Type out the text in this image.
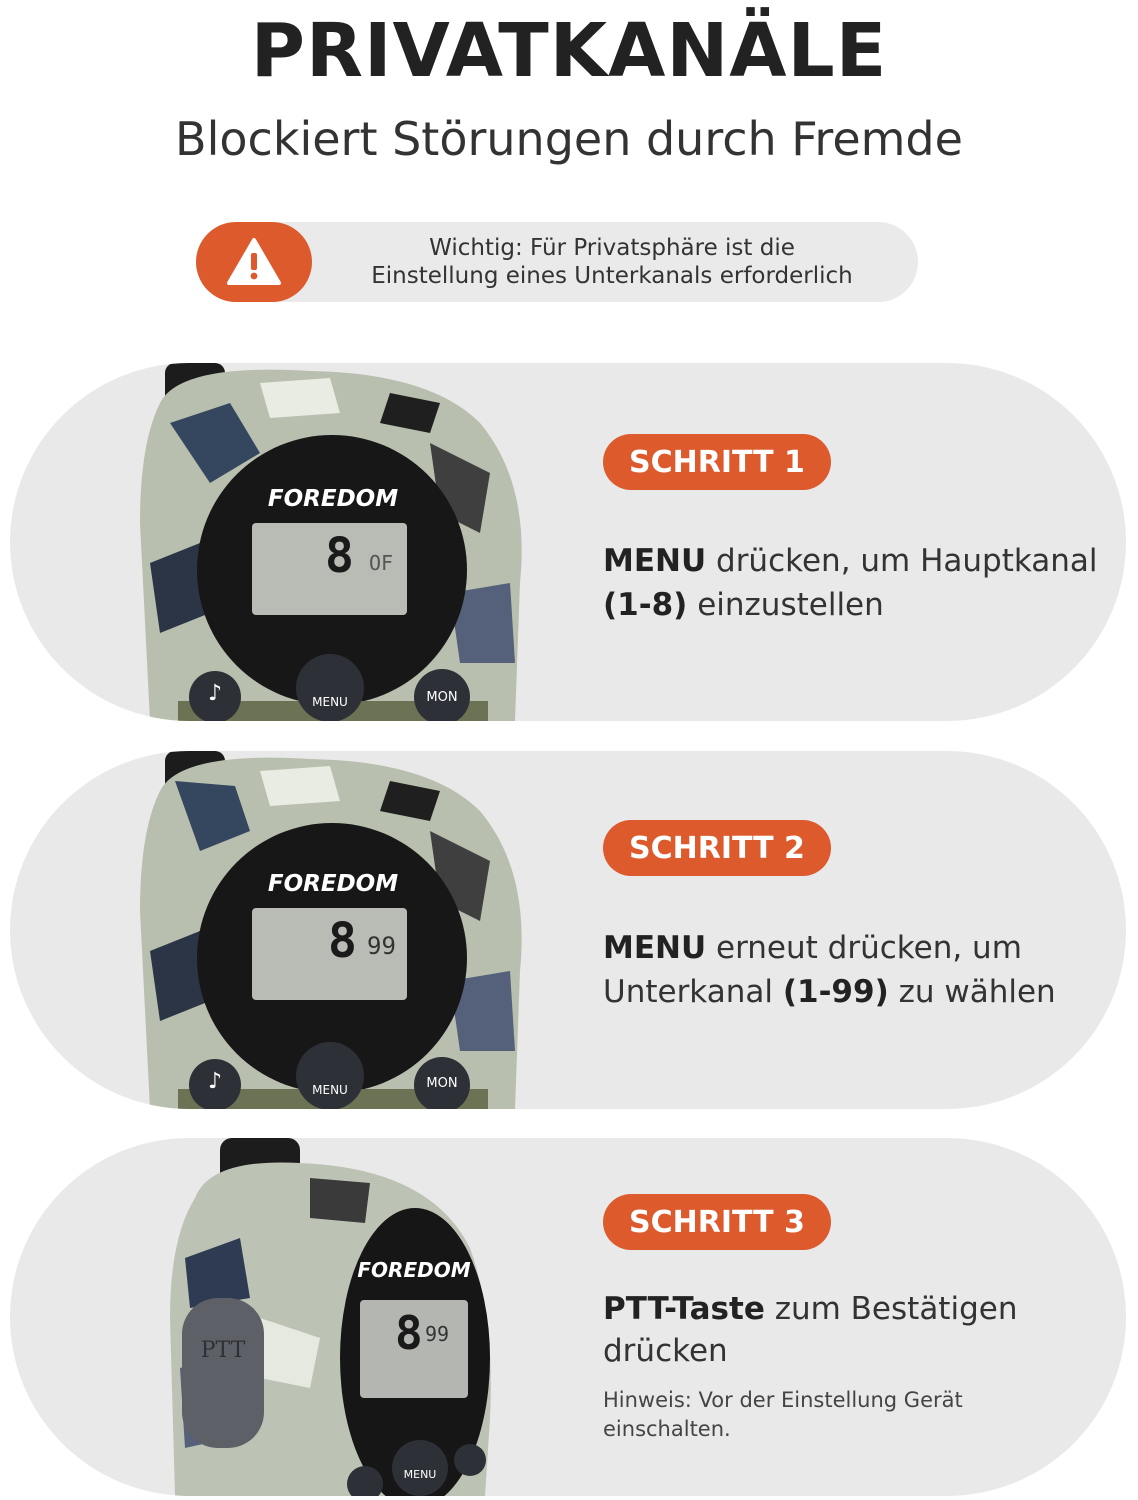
PRIVATKANÄLE
Blockiert Störungen durch Fremde
Wichtig: Für Privatsphäre ist die
Einstellung eines Unterkanals erforderlich
FOREDOM
8 OF
♪	MENU	MON
SCHRITT 1
MENU drücken, um Hauptkanal (1-8) einzustellen
FOREDOM
8 99
♪	MENU	MON
SCHRITT 2
MENU erneut drücken, um Unterkanal (1-99) zu wählen
FOREDOM
8 99
PTT
MENU
SCHRITT 3
PTT-Taste zum Bestätigen drücken
Hinweis: Vor der Einstellung Gerät
einschalten.
